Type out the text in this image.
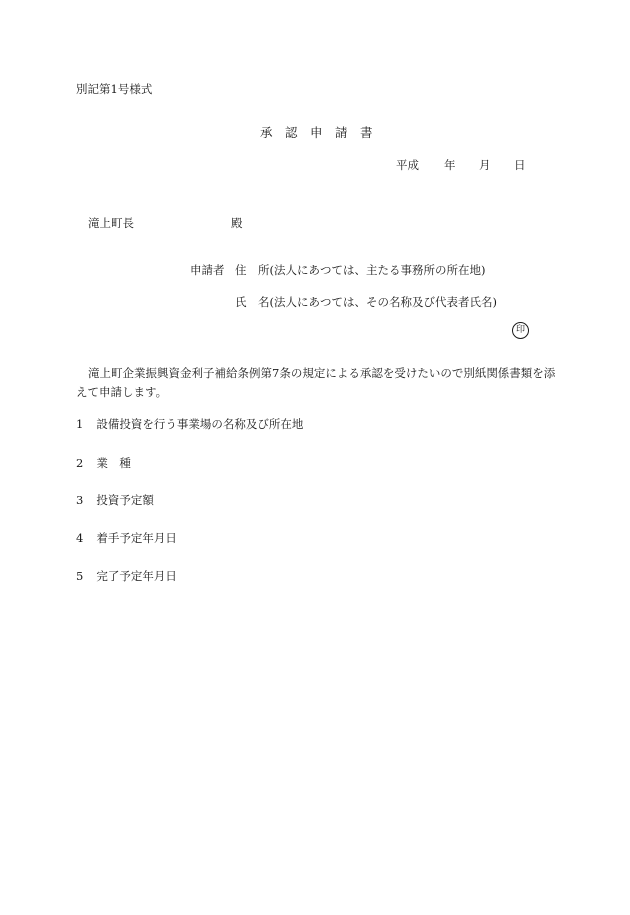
別記第1号様式
承　認　申　請　書
平成 年 月 日
滝上町長	殿
申請者 住　所(法人にあつては、主たる事務所の所在地)
氏　名(法人にあつては、その名称及び代表者氏名)
印
滝上町企業振興資金利子補給条例第7条の規定による承認を受けたいので別紙関係書類を添えて申請します。
1 設備投資を行う事業場の名称及び所在地
2 業　種
3 投資予定額
4 着手予定年月日
5 完了予定年月日
